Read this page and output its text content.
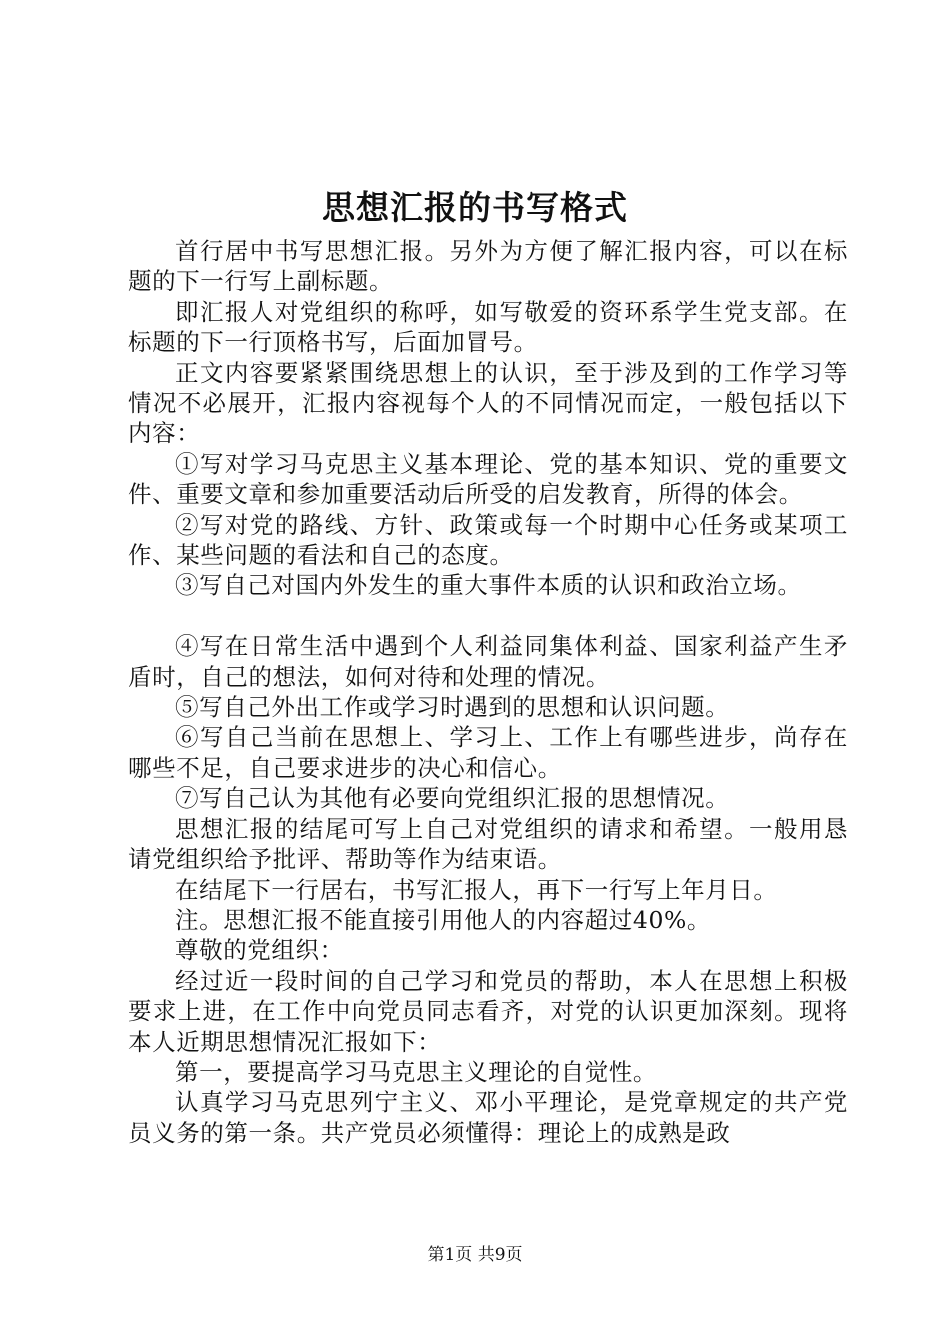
思想汇报的书写格式

首行居中书写思想汇报。另外为方便了解汇报内容，可以在标题的下一行写上副标题。

即汇报人对党组织的称呼，如写敬爱的资环系学生党支部。在标题的下一行顶格书写，后面加冒号。

正文内容要紧紧围绕思想上的认识，至于涉及到的工作学习等情况不必展开，汇报内容视每个人的不同情况而定，一般包括以下内容：

①写对学习马克思主义基本理论、党的基本知识、党的重要文件、重要文章和参加重要活动后所受的启发教育，所得的体会。

②写对党的路线、方针、政策或每一个时期中心任务或某项工作、某些问题的看法和自己的态度。

③写自己对国内外发生的重大事件本质的认识和政治立场。

④写在日常生活中遇到个人利益同集体利益、国家利益产生矛盾时，自己的想法，如何对待和处理的情况。

⑤写自己外出工作或学习时遇到的思想和认识问题。

⑥写自己当前在思想上、学习上、工作上有哪些进步，尚存在哪些不足，自己要求进步的决心和信心。

⑦写自己认为其他有必要向党组织汇报的思想情况。

思想汇报的结尾可写上自己对党组织的请求和希望。一般用恳请党组织给予批评、帮助等作为结束语。

在结尾下一行居右，书写汇报人，再下一行写上年月日。

注。思想汇报不能直接引用他人的内容超过40%。

尊敬的党组织：

经过近一段时间的自己学习和党员的帮助，本人在思想上积极要求上进，在工作中向党员同志看齐，对党的认识更加深刻。现将本人近期思想情况汇报如下：

第一，要提高学习马克思主义理论的自觉性。

认真学习马克思列宁主义、邓小平理论，是党章规定的共产党员义务的第一条。共产党员必须懂得：理论上的成熟是政

第1页 共9页
